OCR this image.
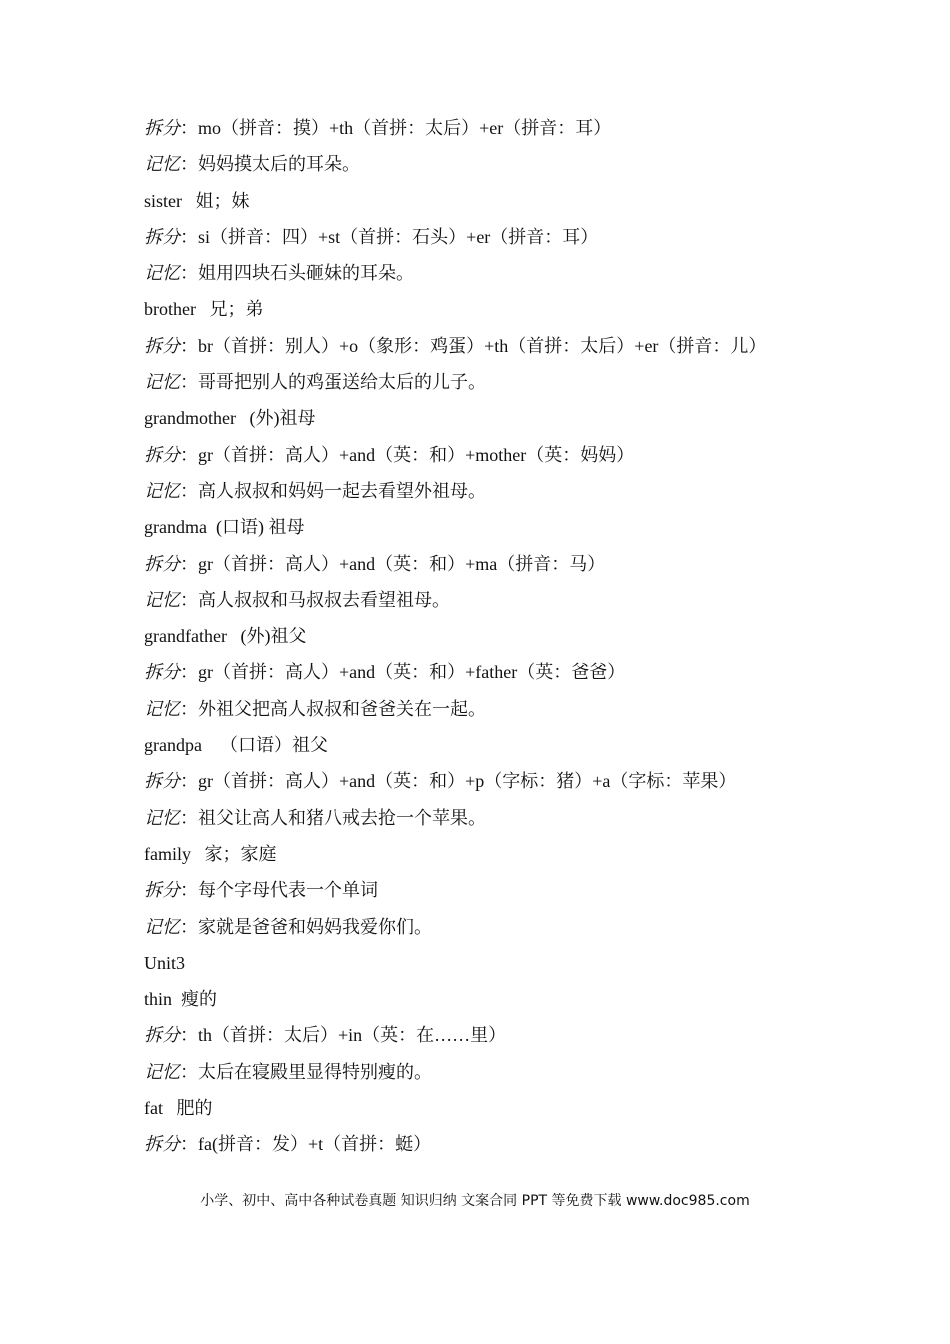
拆分：mo（拼音：摸）+th（首拼：太后）+er（拼音：耳）
记忆：妈妈摸太后的耳朵。
sister   姐；妹
拆分：si（拼音：四）+st（首拼：石头）+er（拼音：耳）
记忆：姐用四块石头砸妹的耳朵。
brother   兄；弟
拆分：br（首拼：别人）+o（象形：鸡蛋）+th（首拼：太后）+er（拼音：儿）
记忆：哥哥把别人的鸡蛋送给太后的儿子。
grandmother   (外)祖母
拆分：gr（首拼：高人）+and（英：和）+mother（英：妈妈）
记忆：高人叔叔和妈妈一起去看望外祖母。
grandma  (口语) 祖母
拆分：gr（首拼：高人）+and（英：和）+ma（拼音：马）
记忆：高人叔叔和马叔叔去看望祖母。
grandfather   (外)祖父
拆分：gr（首拼：高人）+and（英：和）+father（英：爸爸）
记忆：外祖父把高人叔叔和爸爸关在一起。
grandpa    （口语）祖父
拆分：gr（首拼：高人）+and（英：和）+p（字标：猪）+a（字标：苹果）
记忆：祖父让高人和猪八戒去抢一个苹果。
family   家；家庭
拆分：每个字母代表一个单词
记忆：家就是爸爸和妈妈我爱你们。
Unit3
thin  瘦的
拆分：th（首拼：太后）+in（英：在……里）
记忆：太后在寝殿里显得特别瘦的。
fat   肥的
拆分：fa(拼音：发）+t（首拼：蜓）
小学、初中、高中各种试卷真题 知识归纳 文案合同 PPT 等免费下载 www.doc985.com
